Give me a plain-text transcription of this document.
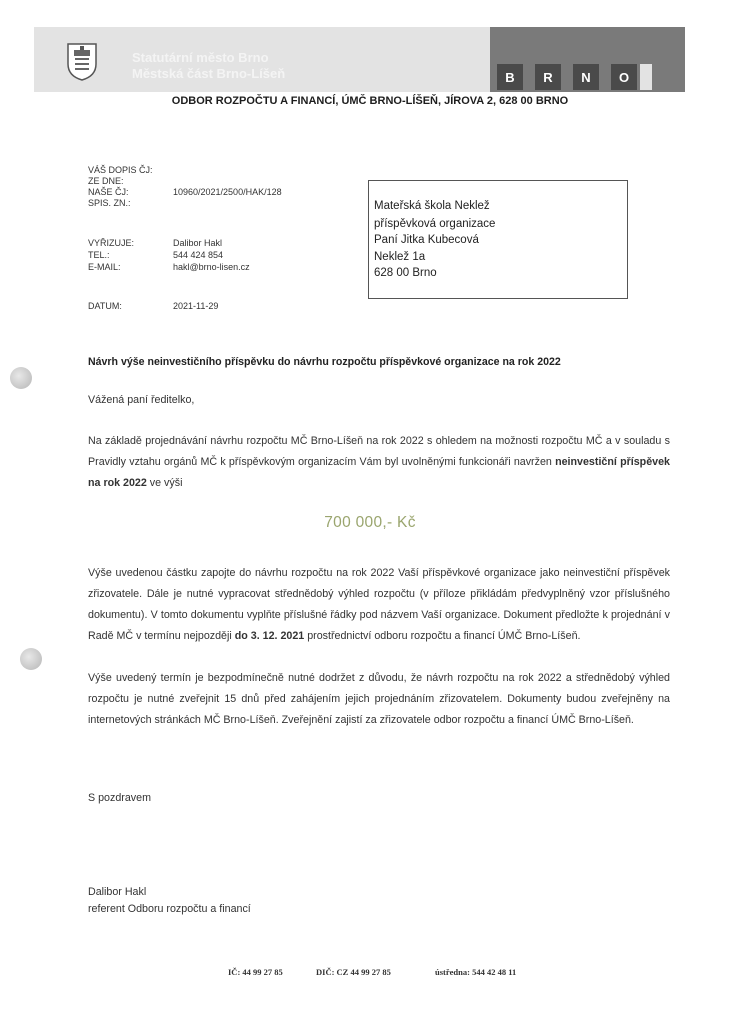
Statutární město Brno
Městská část Brno-Líšeň	B	R	N	O
ODBOR ROZPOČTU A FINANCÍ, ÚMČ BRNO-LÍŠEŇ, JÍROVA 2, 628 00 BRNO
VÁŠ DOPIS ČJ:
ZE DNE:
NAŠE ČJ:	10960/2021/2500/HAK/128
SPIS. ZN.:
VYŘIZUJE:	Dalibor Hakl
TEL.:	544 424 854
E-MAIL:	hakl@brno-lisen.cz
DATUM:	2021-11-29
Mateřská škola Neklež
příspěvková organizace
Paní Jitka Kubecová
Neklež 1a
628 00 Brno
Návrh výše neinvestičního příspěvku do návrhu rozpočtu příspěvkové organizace na rok 2022
Vážená paní ředitelko,
Na základě projednávání návrhu rozpočtu MČ Brno-Líšeň na rok 2022 s ohledem na možnosti rozpočtu MČ a v souladu s Pravidly vztahu orgánů MČ k příspěvkovým organizacím Vám byl uvolněnými funkcionáři navržen neinvestiční příspěvek na rok 2022 ve výši
700 000,- Kč
Výše uvedenou částku zapojte do návrhu rozpočtu na rok 2022 Vaší příspěvkové organizace jako neinvestiční příspěvek zřizovatele. Dále je nutné vypracovat střednědobý výhled rozpočtu (v příloze přikládám předvyplněný vzor příslušného dokumentu). V tomto dokumentu vyplňte příslušné řádky pod názvem Vaší organizace. Dokument předložte k projednání v Radě MČ v termínu nejpozději do 3. 12. 2021 prostřednictví odboru rozpočtu a financí ÚMČ Brno-Líšeň.
Výše uvedený termín je bezpodmínečně nutné dodržet z důvodu, že návrh rozpočtu na rok 2022 a střednědobý výhled rozpočtu je nutné zveřejnit 15 dnů před zahájením jejich projednáním zřizovatelem. Dokumenty budou zveřejněny na internetových stránkách MČ Brno-Líšeň. Zveřejnění zajistí za zřizovatele odbor rozpočtu a financí ÚMČ Brno-Líšeň.
S pozdravem
Dalibor Hakl
referent Odboru rozpočtu a financí
IČ: 44 99 27 85	DIČ: CZ 44 99 27 85	ústředna: 544 42 48 11
